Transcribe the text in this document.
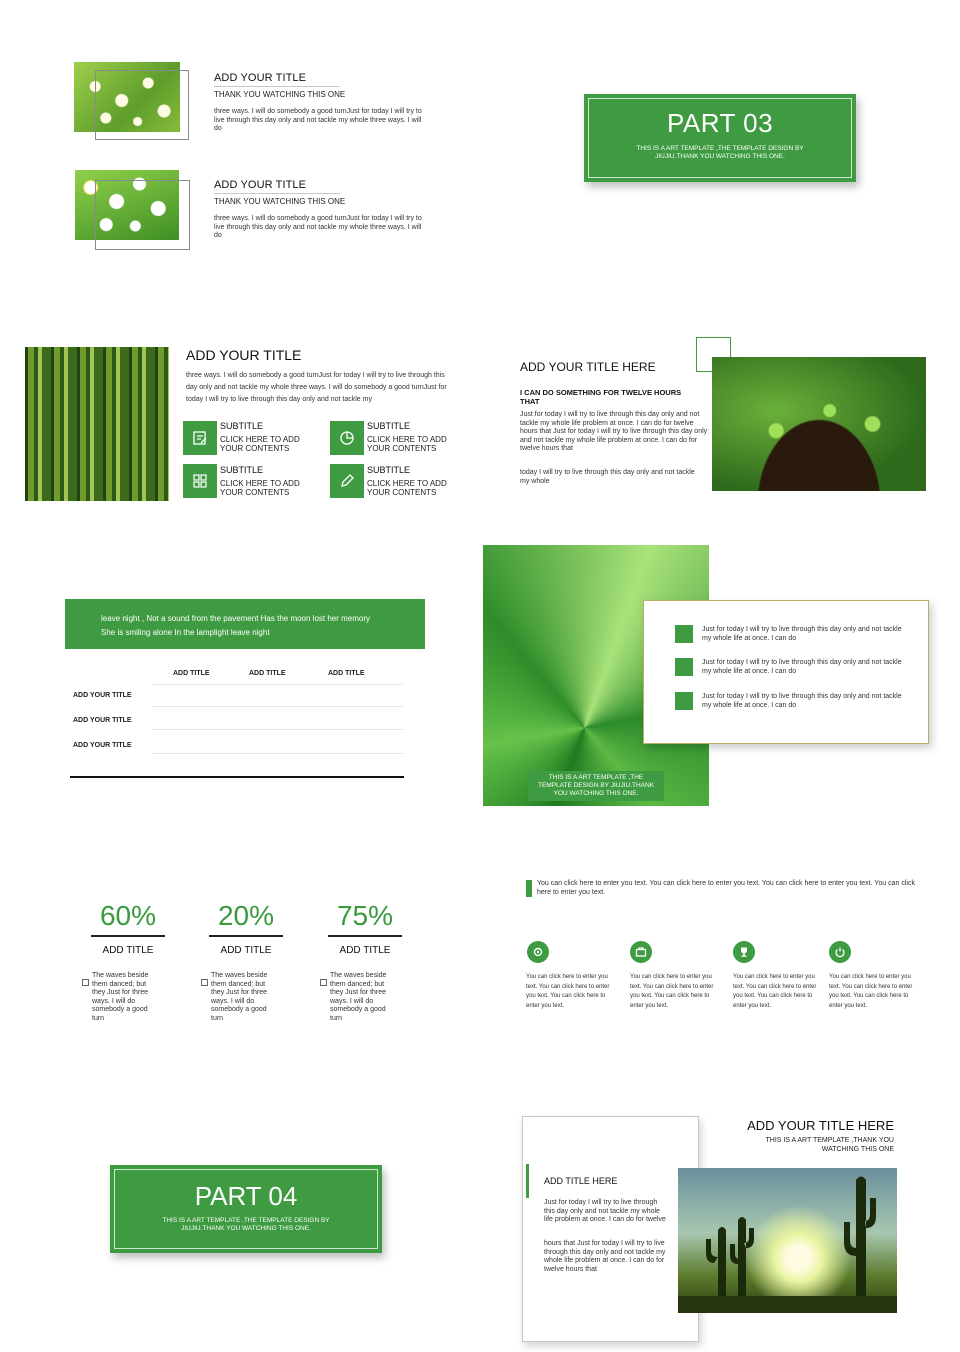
ADD YOUR TITLE
THANK YOU WATCHING THIS ONE
three ways. I will do somebody a good turnJust for today I will try to live through this day only and not tackle my whole three ways. I will do
ADD YOUR TITLE
THANK YOU WATCHING THIS ONE
three ways. I will do somebody a good turnJust for today I will try to live through this day only and not tackle my whole three ways. I will do
PART 03
THIS IS A ART TEMPLATE ,THE TEMPLATE DESIGN BY JIUJIU.THANK YOU WATCHING THIS ONE.
ADD YOUR TITLE
three ways. I will do somebody a good turnJust for today I will try to live through this day only and not tackle my whole three ways. I will do somebody a good turnJust for today I will try to live through this day only and not tackle my
SUBTITLE
CLICK HERE TO ADD YOUR CONTENTS
SUBTITLE
CLICK HERE TO ADD YOUR CONTENTS
SUBTITLE
CLICK HERE TO ADD YOUR CONTENTS
SUBTITLE
CLICK HERE TO ADD YOUR CONTENTS
ADD YOUR TITLE HERE
I CAN DO SOMETHING FOR TWELVE HOURS THAT
Just for today I will try to live through this day only and not tackle my whole life problem at once. I can do for twelve hours that Just for today I will try to live through this day only and not tackle my whole life problem at once. I can do for twelve hours that
today I will try to live through this day only and not tackle my whole
leave night , Not a sound from the pavement Has the moon lost her memory
She is smiling alone In the lamplight leave night
ADD TITLE	ADD TITLE	ADD TITLE
ADD YOUR TITLE
ADD YOUR TITLE
ADD YOUR TITLE
THIS IS A ART TEMPLATE ,THE TEMPLATE DESIGN BY JIUJIU.THANK YOU WATCHING THIS ONE.
Just for today I will try to live through this day only and not tackle my whole life at once. I can do
Just for today I will try to live through this day only and not tackle my whole life at once. I can do
Just for today I will try to live through this day only and not tackle my whole life at once. I can do
60%
ADD TITLE
The waves beside them danced; but they Just for three ways. I will do somebody a good turn
20%
ADD TITLE
The waves beside them danced; but they Just for three ways. I will do somebody a good turn
75%
ADD TITLE
The waves beside them danced; but they Just for three ways. I will do somebody a good turn
You can click here to enter you text. You can click here to enter you text. You can click here to enter you text. You can click here to enter you text.
You can click here to enter you text. You can click here to enter you text. You can click here to enter you text.
You can click here to enter you text. You can click here to enter you text. You can click here to enter you text.
You can click here to enter you text. You can click here to enter you text. You can click here to enter you text.
You can click here to enter you text. You can click here to enter you text. You can click here to enter you text.
PART 04
THIS IS A ART TEMPLATE ,THE TEMPLATE DESIGN BY JIUJIU.THANK YOU WATCHING THIS ONE.
ADD YOUR TITLE HERE
THIS IS A ART TEMPLATE ,THANK YOU WATCHING THIS ONE
ADD TITLE HERE
Just for today I will try to live through this day only and not tackle my whole life problem at once. I can do for twelve
hours that Just for today I will try to live through this day only and not tackle my whole life problem at once. I can do for twelve hours that
